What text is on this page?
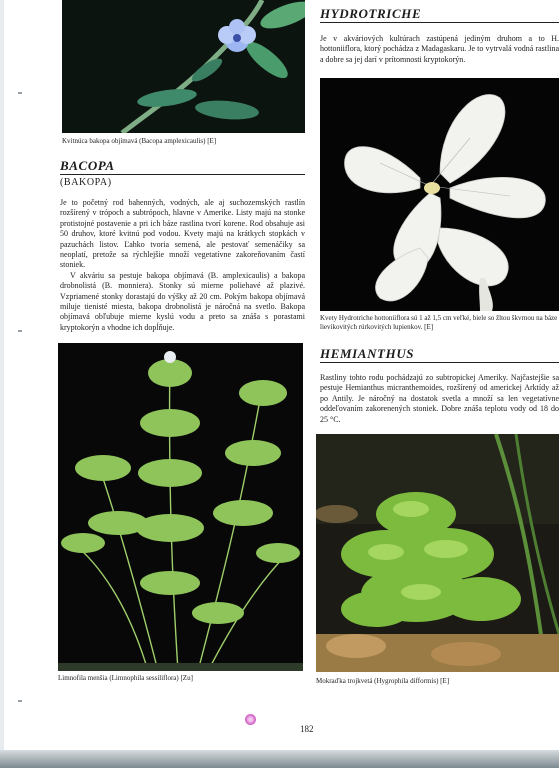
Kvitnúca bakopa objímavá (Bacopa amplexicaulis) [E]
BACOPA
(BAKOPA)

Je to početný rod bahenných, vodných, ale aj suchozemských rastlín rozšírený v trópoch a subtrópoch, hlavne v Amerike. Listy majú na stonke protistojné postavenie a pri ich báze rastlina tvorí korene. Rod obsahuje asi 50 druhov, ktoré kvitnú pod vodou. Kvety majú na krátkych stopkách v pazuchách listov. Ľahko tvoria semená, ale pestovať semenáčiky sa neoplatí, pretože sa rýchlejšie množí vegetatívne zakoreňovaním častí stoniek.

V akváriu sa pestuje bakopa objímavá (B. amplexicaulis) a bakopa drobnolistá (B. monniera). Stonky sú mierne poliehavé až plazivé. Vzpriamené stonky dorastajú do výšky až 20 cm. Pokým bakopa objímavá miluje tienisté miesta, bakopa drobnolistá je náročná na svetlo. Bakopa objímavá obľubuje mierne kyslú vodu a preto sa znáša s porastami kryptokorýn a vhodne ich dopĺňuje.

Limnofila menšia (Limnophila sessiliflora) [Zu]
HYDROTRICHE

Je v akváriových kultúrach zastúpená jediným druhom a to H. hottoniiflora, ktorý pochádza z Madagaskaru. Je to vytrvalá vodná rastlina a dobre sa jej darí v prítomnosti kryptokorýn.

Kvety Hydrotriche hottoniiflora sú 1 až 1,5 cm veľké, biele so žltou škvrnou na báze lievikovitých rúrkovitých lupienkov. [E]
HEMIANTHUS

Rastliny tohto rodu pochádzajú zo subtropickej Ameriky. Najčastejšie sa pestuje Hemianthus micranthemoides, rozšírený od americkej Arktídy až po Antily. Je náročný na dostatok svetla a množí sa len vegetatívne oddeľovaním zakorenených stoniek. Dobre znáša teplotu vody od 18 do 25 °C.

Mokraďka trojkvetá (Hygrophila difformis) [E]
182
